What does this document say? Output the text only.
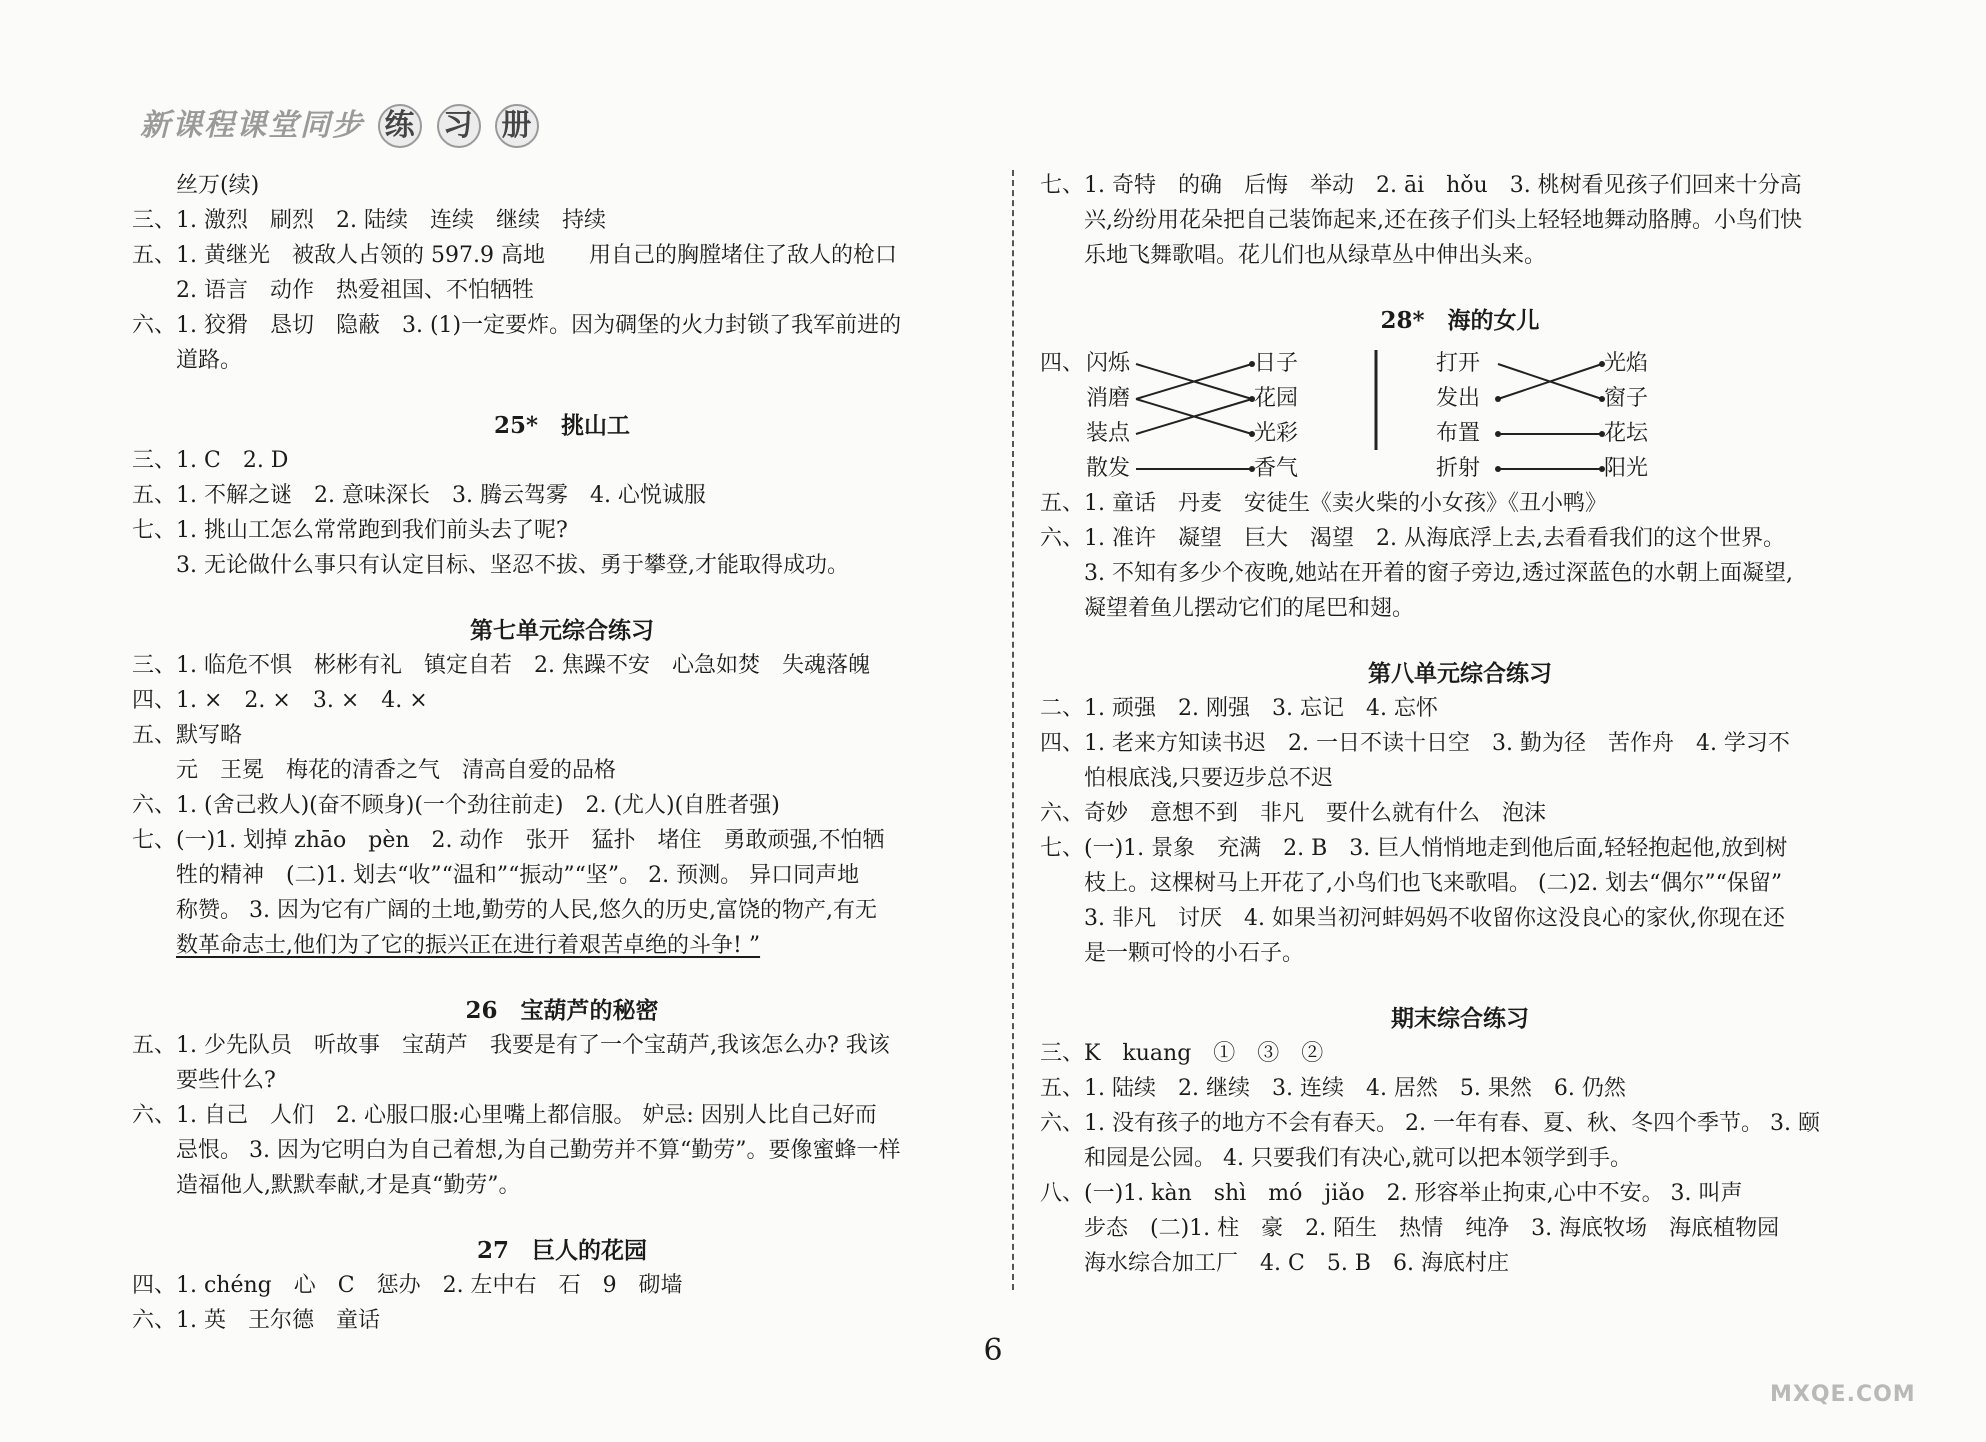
新课程课堂同步 练 习 册
丝万(续)
三、1. 激烈　刷烈　2. 陆续　连续　继续　持续
五、1. 黄继光　被敌人占领的 597.9 高地　　用自己的胸膛堵住了敌人的枪口
2. 语言　动作　热爱祖国、不怕牺牲
六、1. 狡猾　恳切　隐蔽　3. (1)一定要炸。因为碉堡的火力封锁了我军前进的
道路。
25*　挑山工
三、1. C　2. D
五、1. 不解之谜　2. 意味深长　3. 腾云驾雾　4. 心悦诚服
七、1. 挑山工怎么常常跑到我们前头去了呢?
3. 无论做什么事只有认定目标、坚忍不拔、勇于攀登,才能取得成功。
第七单元综合练习
三、1. 临危不惧　彬彬有礼　镇定自若　2. 焦躁不安　心急如焚　失魂落魄
四、1. ×　2. ×　3. ×　4. ×
五、默写略
元　王冕　梅花的清香之气　清高自爱的品格
六、1. (舍己救人)(奋不顾身)(一个劲往前走)　2. (尤人)(自胜者强)
七、(一)1. 划掉 zhāo　pèn　2. 动作　张开　猛扑　堵住　勇敢顽强,不怕牺
牲的精神　(二)1. 划去“收”“温和”“振动”“坚”。 2. 预测。 异口同声地
称赞。 3. 因为它有广阔的土地,勤劳的人民,悠久的历史,富饶的物产,有无
数革命志士,他们为了它的振兴正在进行着艰苦卓绝的斗争! ”
26　宝葫芦的秘密
五、1. 少先队员　听故事　宝葫芦　我要是有了一个宝葫芦,我该怎么办? 我该
要些什么?
六、1. 自己　人们　2. 心服口服:心里嘴上都信服。 妒忌: 因别人比自己好而
忌恨。 3. 因为它明白为自己着想,为自己勤劳并不算“勤劳”。要像蜜蜂一样
造福他人,默默奉献,才是真“勤劳”。
27　巨人的花园
四、1. chéng　心　C　惩办　2. 左中右　石　9　砌墙
六、1. 英　王尔德　童话
七、1. 奇特　的确　后悔　举动　2. āi　hǒu　3. 桃树看见孩子们回来十分高
兴,纷纷用花朵把自己装饰起来,还在孩子们头上轻轻地舞动胳膊。小鸟们快
乐地飞舞歌唱。花儿们也从绿草丛中伸出头来。
28*　海的女儿
四、 闪烁
消磨
装点
散发
日子
花园
光彩
香气
打开
发出
布置
折射
光焰
窗子
花坛
阳光
五、1. 童话　丹麦　安徒生《卖火柴的小女孩》《丑小鸭》
六、1. 准许　凝望　巨大　渴望　2. 从海底浮上去,去看看我们的这个世界。
3. 不知有多少个夜晚,她站在开着的窗子旁边,透过深蓝色的水朝上面凝望,
凝望着鱼儿摆动它们的尾巴和翅。
第八单元综合练习
二、1. 顽强　2. 刚强　3. 忘记　4. 忘怀
四、1. 老来方知读书迟　2. 一日不读十日空　3. 勤为径　苦作舟　4. 学习不
怕根底浅,只要迈步总不迟
六、奇妙　意想不到　非凡　要什么就有什么　泡沫
七、(一)1. 景象　充满　2. B　3. 巨人悄悄地走到他后面,轻轻抱起他,放到树
枝上。这棵树马上开花了,小鸟们也飞来歌唱。 (二)2. 划去“偶尔”“保留”
3. 非凡　讨厌　4. 如果当初河蚌妈妈不收留你这没良心的家伙,你现在还
是一颗可怜的小石子。
期末综合练习
三、K　kuang　①　③　②
五、1. 陆续　2. 继续　3. 连续　4. 居然　5. 果然　6. 仍然
六、1. 没有孩子的地方不会有春天。 2. 一年有春、夏、秋、冬四个季节。 3. 颐
和园是公园。 4. 只要我们有决心,就可以把本领学到手。
八、(一)1. kàn　shì　mó　jiǎo　2. 形容举止拘束,心中不安。 3. 叫声
步态　(二)1. 柱　豪　2. 陌生　热情　纯净　3. 海底牧场　海底植物园
海水综合加工厂　4. C　5. B　6. 海底村庄
6
MXQE.COM
